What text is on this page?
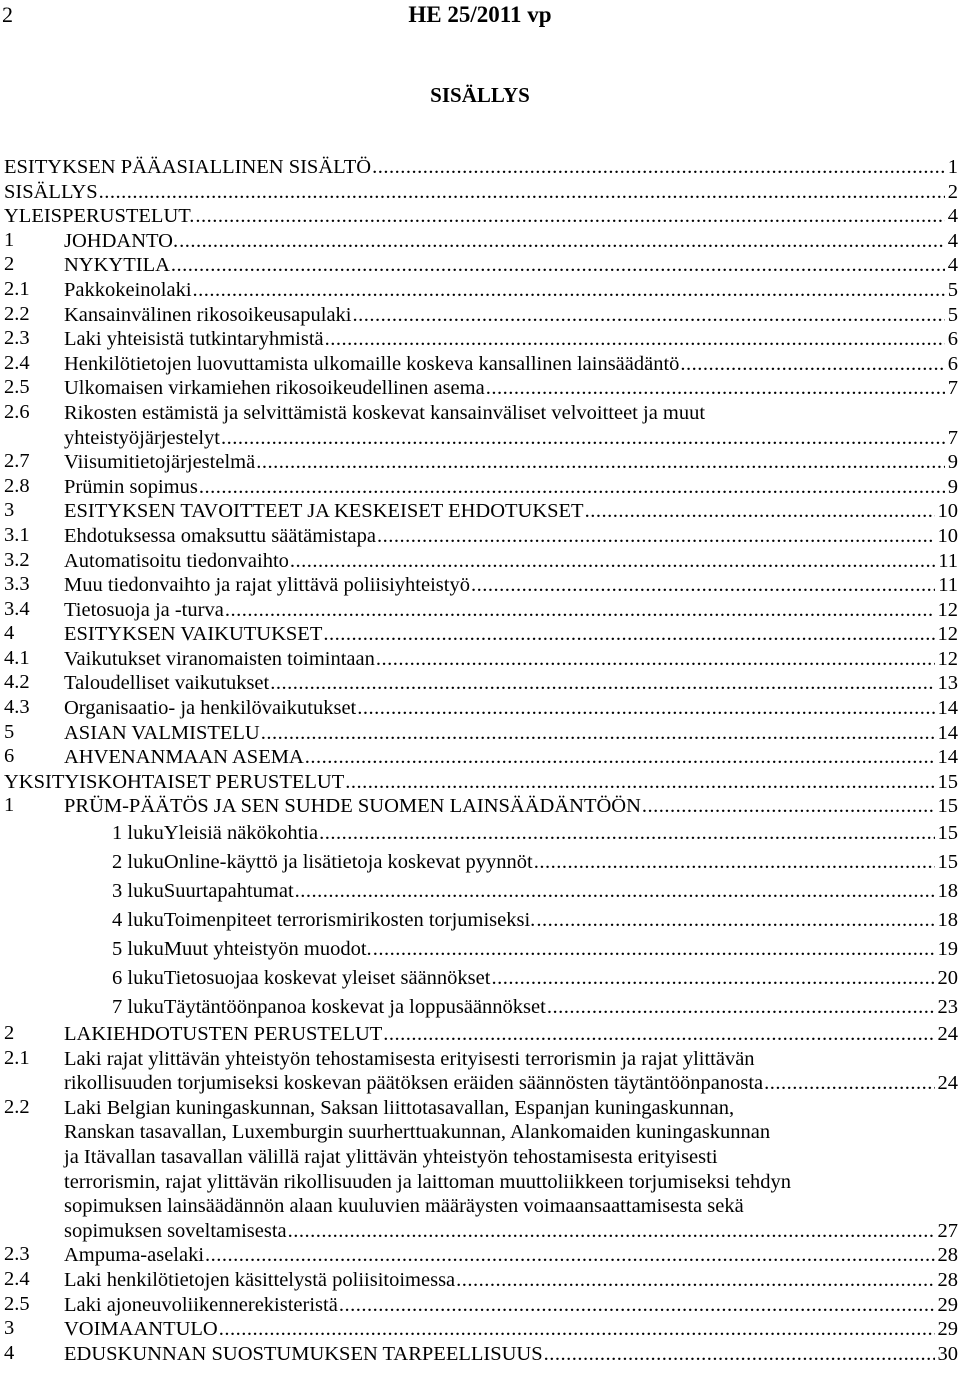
2	HE 25/2011 vp
SISÄLLYS
ESITYKSEN PÄÄASIALLINEN SISÄLTÖ .....	1
SISÄLLYS .....	2
YLEISPERUSTELUT. .....	4
1 JOHDANTO. .....	4
2 NYKYTILA .....	4
2.1 Pakkokeinolaki .....	5
2.2 Kansainvälinen rikosoikeusapulaki .....	5
2.3 Laki yhteisistä tutkintaryhmistä .....	6
2.4 Henkilötietojen luovuttamista ulkomaille koskeva kansallinen lainsäädäntö .....	6
2.5 Ulkomaisen virkamiehen rikosoikeudellinen asema .....	7
2.6 Rikosten estämistä ja selvittämistä koskevat kansainväliset velvoitteet ja muut
yhteistyöjärjestelyt .....	7
2.7 Viisumitietojärjestelmä .....	9
2.8 Prümin sopimus .....	9
3 ESITYKSEN TAVOITTEET JA KESKEISET EHDOTUKSET .....	10
3.1 Ehdotuksessa omaksuttu säätämistapa .....	10
3.2 Automatisoitu tiedonvaihto .....	11
3.3 Muu tiedonvaihto ja rajat ylittävä poliisiyhteistyö .....	11
3.4 Tietosuoja ja -turva .....	12
4 ESITYKSEN VAIKUTUKSET .....	12
4.1 Vaikutukset viranomaisten toimintaan .....	12
4.2 Taloudelliset vaikutukset .....	13
4.3 Organisaatio- ja henkilövaikutukset .....	14
5 ASIAN VALMISTELU .....	14
6 AHVENANMAAN ASEMA .....	14
YKSITYISKOHTAISET PERUSTELUT .....	15
1 PRÜM-PÄÄTÖS JA SEN SUHDE SUOMEN LAINSÄÄDÄNTÖÖN .....	15
1 luku Yleisiä näkökohtia .....	15
2 luku Online-käyttö ja lisätietoja koskevat pyynnöt .....	15
3 luku Suurtapahtumat .....	18
4 luku Toimenpiteet terrorismirikosten torjumiseksi. .....	18
5 luku Muut yhteistyön muodot. .....	19
6 luku Tietosuojaa koskevat yleiset säännökset .....	20
7 luku Täytäntöönpanoa koskevat ja loppusäännökset .....	23
2 LAKIEHDOTUSTEN PERUSTELUT .....	24
2.1 Laki rajat ylittävän yhteistyön tehostamisesta erityisesti terrorismin ja rajat ylittävän
rikollisuuden torjumiseksi koskevan päätöksen eräiden säännösten täytäntöönpanosta .....	24
2.2 Laki Belgian kuningaskunnan, Saksan liittotasavallan, Espanjan kuningaskunnan,
Ranskan tasavallan, Luxemburgin suurherttuakunnan, Alankomaiden kuningaskunnan
ja Itävallan tasavallan välillä rajat ylittävän yhteistyön tehostamisesta erityisesti
terrorismin, rajat ylittävän rikollisuuden ja laittoman muuttoliikkeen torjumiseksi tehdyn
sopimuksen lainsäädännön alaan kuuluvien määräysten voimaansaattamisesta sekä
sopimuksen soveltamisesta .....	27
2.3 Ampuma-aselaki .....	28
2.4 Laki henkilötietojen käsittelystä poliisitoimessa .....	28
2.5 Laki ajoneuvoliikennerekisteristä .....	29
3 VOIMAANTULO .....	29
4 EDUSKUNNAN SUOSTUMUKSEN TARPEELLISUUS .....	30
